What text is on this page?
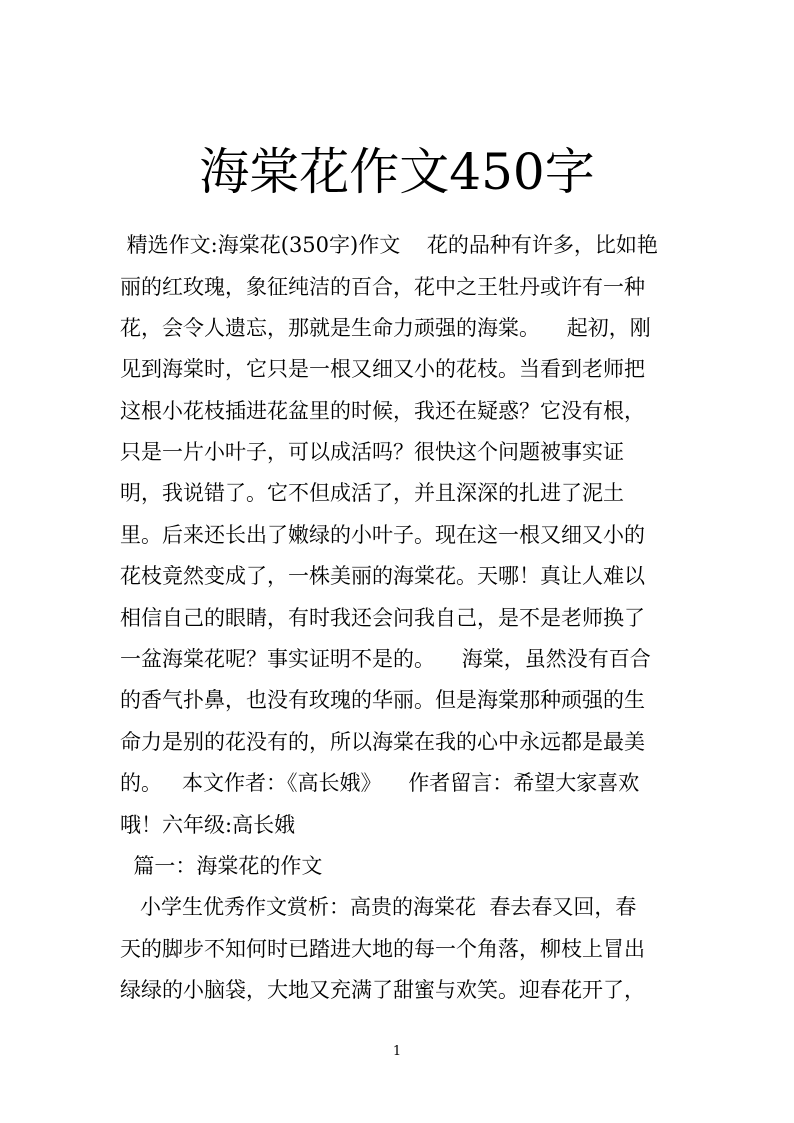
海棠花作文450字

精选作文:海棠花(350字)作文    花的品种有许多，比如艳

丽的红玫瑰，象征纯洁的百合，花中之王牡丹或许有一种

花，会令人遗忘，那就是生命力顽强的海棠。    起初，刚

见到海棠时，它只是一根又细又小的花枝。当看到老师把

这根小花枝插进花盆里的时候，我还在疑惑？它没有根，

只是一片小叶子，可以成活吗？很快这个问题被事实证

明，我说错了。它不但成活了，并且深深的扎进了泥土

里。后来还长出了嫩绿的小叶子。现在这一根又细又小的

花枝竟然变成了，一株美丽的海棠花。天哪！真让人难以

相信自己的眼睛，有时我还会问我自己，是不是老师换了

一盆海棠花呢？事实证明不是的。    海棠，虽然没有百合

的香气扑鼻，也没有玫瑰的华丽。但是海棠那种顽强的生

命力是别的花没有的，所以海棠在我的心中永远都是最美

的。   本文作者：《高长娥》    作者留言：希望大家喜欢

哦！六年级:高长娥

篇一：海棠花的作文

小学生优秀作文赏析：高贵的海棠花  春去春又回，春

天的脚步不知何时已踏进大地的每一个角落，柳枝上冒出

绿绿的小脑袋，大地又充满了甜蜜与欢笑。迎春花开了，

1
